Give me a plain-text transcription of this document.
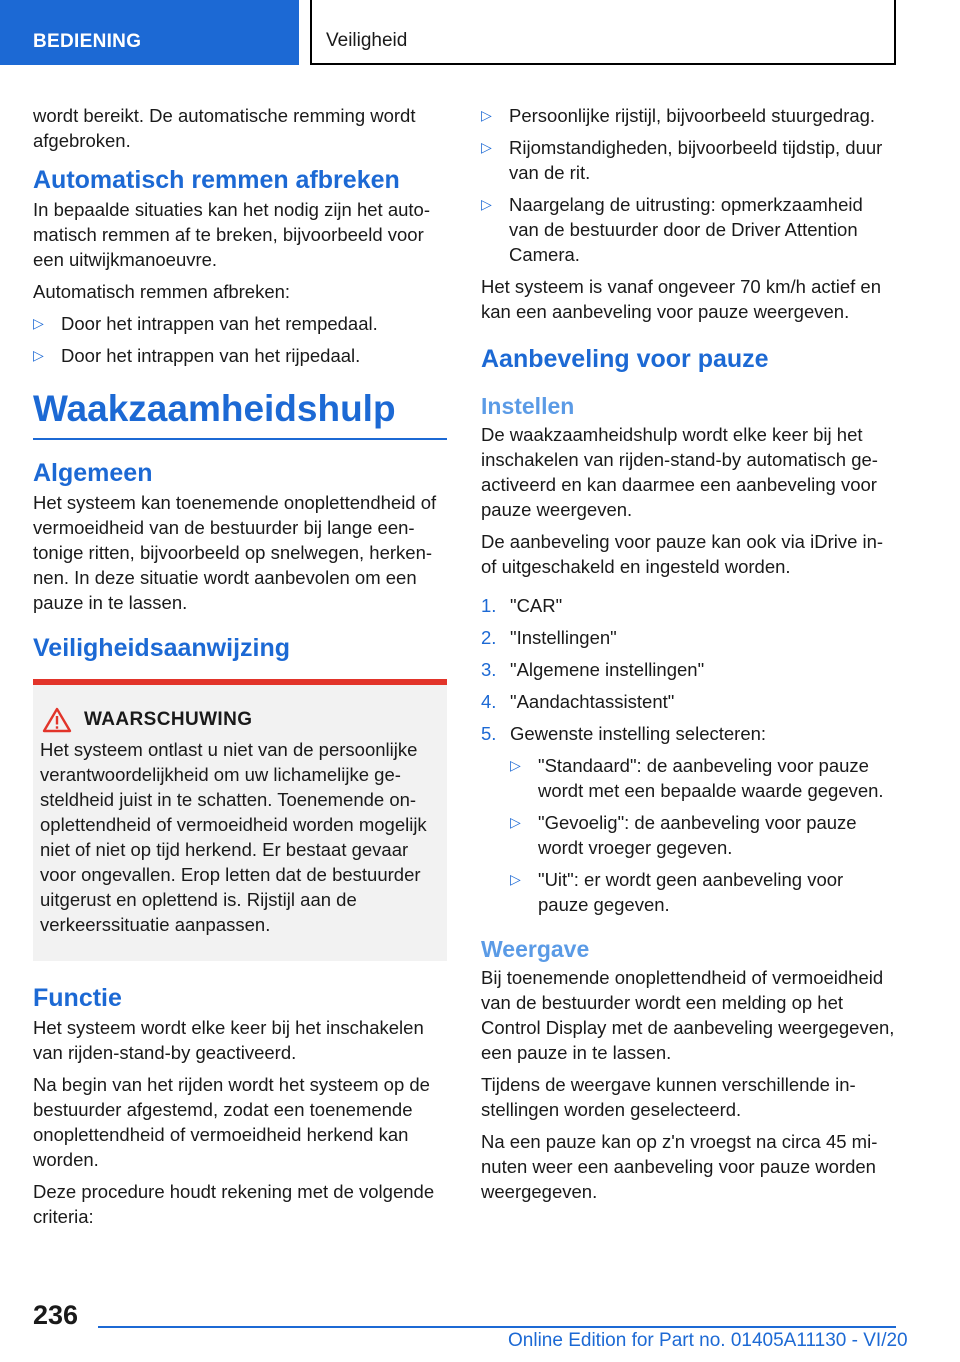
BEDIENING	Veiligheid

wordt bereikt. De automatische remming wordt afgebroken.

Automatisch remmen afbreken

In bepaalde situaties kan het nodig zijn het automatisch remmen af te breken, bijvoorbeeld voor een uitwijkmanoeuvre.

Automatisch remmen afbreken:

▷ Door het intrappen van het rempedaal.
▷ Door het intrappen van het rijpedaal.
Waakzaamheidshulp
Algemeen

Het systeem kan toenemende onoplettendheid of vermoeidheid van de bestuurder bij lange eentonige ritten, bijvoorbeeld op snelwegen, herkennen. In deze situatie wordt aanbevolen om een pauze in te lassen.

Veiligheidsaanwijzing
WAARSCHUWING

Het systeem ontlast u niet van de persoonlijke verantwoordelijkheid om uw lichamelijke gesteldheid juist in te schatten. Toenemende onoplettendheid of vermoeidheid worden mogelijk niet of niet op tijd herkend. Er bestaat gevaar voor ongevallen. Erop letten dat de bestuurder uitgerust en oplettend is. Rijstijl aan de verkeerssituatie aanpassen.

Functie

Het systeem wordt elke keer bij het inschakelen van rijden-stand-by geactiveerd.

Na begin van het rijden wordt het systeem op de bestuurder afgestemd, zodat een toenemende onoplettendheid of vermoeidheid herkend kan worden.

Deze procedure houdt rekening met de volgende criteria:

▷ Persoonlijke rijstijl, bijvoorbeeld stuurgedrag.
▷ Rijomstandigheden, bijvoorbeeld tijdstip, duur van de rit.
▷ Naargelang de uitrusting: opmerkzaamheid van de bestuurder door de Driver Attention Camera.

Het systeem is vanaf ongeveer 70 km/h actief en kan een aanbeveling voor pauze weergeven.

Aanbeveling voor pauze
Instellen

De waakzaamheidshulp wordt elke keer bij het inschakelen van rijden-stand-by automatisch geactiveerd en kan daarmee een aanbeveling voor pauze weergeven.

De aanbeveling voor pauze kan ook via iDrive in- of uitgeschakeld en ingesteld worden.

1. "CAR"
2. "Instellingen"
3. "Algemene instellingen"
4. "Aandachtassistent"
5. Gewenste instelling selecteren:
▷ "Standaard": de aanbeveling voor pauze wordt met een bepaalde waarde gegeven.
▷ "Gevoelig": de aanbeveling voor pauze wordt vroeger gegeven.
▷ "Uit": er wordt geen aanbeveling voor pauze gegeven.
Weergave

Bij toenemende onoplettendheid of vermoeidheid van de bestuurder wordt een melding op het Control Display met de aanbeveling weergegeven, een pauze in te lassen.

Tijdens de weergave kunnen verschillende instellingen worden geselecteerd.

Na een pauze kan op z'n vroegst na circa 45 minuten weer een aanbeveling voor pauze worden weergegeven.

236
Online Edition for Part no. 01405A11130 - VI/20
